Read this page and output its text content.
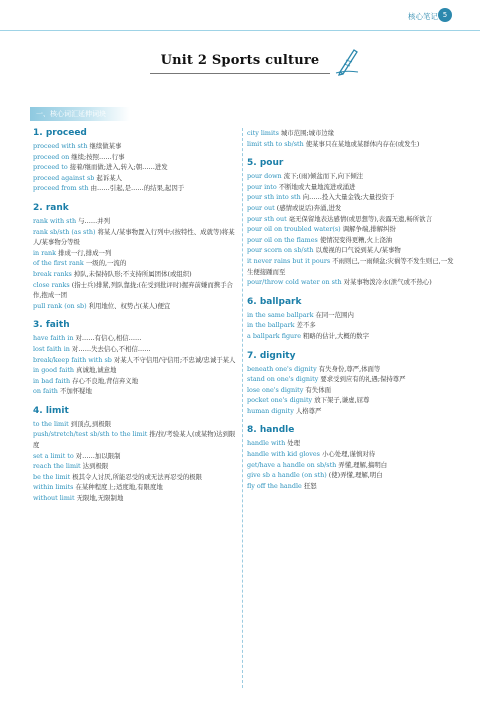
核心笔记 5
Unit 2 Sports culture
一、核心词汇延伸词块
1. proceed
proceed with sth 继续做某事
proceed on 继续;按照……行事
proceed to 接着/继而做;进入,转入;朝……进发
proceed against sb 起诉某人
proceed from sth 由……引起,是……的结果,起因于
2. rank
rank with sth 与……并列
rank sb/sth (as sth) 将某人/某事物置入行列中;(按特性、成就等)将某人/某事物分等级
in rank 排成一行,排成一列
of the first rank 一级的,一流的
break ranks 掉队,未保持队形;不支持所属团体(或组织)
close ranks (指士兵)排紧,列队靠拢;(在受到批评时)握弃前嫌而携手合作,抱成一团
pull rank (on sb) 利用地位、权势占(某人)便宜
3. faith
have faith in 对……有信心,相信……
lost faith in 对……失去信心,不相信……
break/keep faith with sb 对某人不守信用/守信用;不忠诚/忠诚于某人
in good faith 真诚地,诚意地
in bad faith 存心不良地,背信弃义地
on faith 不加怀疑地
4. limit
to the limit 到顶点,到极限
push/stretch/test sb/sth to the limit 推/拉/考验某人(或某物)达到限度
set a limit to 对……加以限制
reach the limit 达到极限
be the limit 极其令人讨厌,所能忍受的或无法再忍受的极限
within limits 在某种程度上;适度地,有限度地
without limit 无限地,无限制地
city limits 城市范围;城市边缘
limit sth to sb/sth 使某事只在某地或某群体内存在(或发生)
5. pour
pour down 流下;(雨)倾盆而下,向下倾注
pour into 不断地或大量地流进或涌进
pour sth into sth 向……投入大量金钱;大量投资于
pour out (感情或说话)奔涌,进发
pour sth out 毫无保留地表达感情(或思想等),表露无遗,畅所欲言
pour oil on troubled water(s) 调解争端,排解纠纷
pour oil on the flames 使情况变得更糟,火上浇油
pour scorn on sb/sth 以蔑视的口气说到某人/某事物
it never rains but it pours 不雨则已,一雨倾盆;灾祸等不发生则已,一发生便接踵而至
pour/throw cold water on sth 对某事物泼冷水(泄气或不热心)
6. ballpark
in the same ballpark 在同一范围内
in the ballpark 差不多
a ballpark figure 粗略的估计,大概的数字
7. dignity
beneath one's dignity 有失身份,尊严,体面等
stand on one's dignity 要求受到应有的礼遇;保持尊严
lose one's dignity 有失体面
pocket one's dignity 放下架子,谦虚,屈尊
human dignity 人格尊严
8. handle
handle with 处理
handle with kid gloves 小心处理,谨慎对待
get/have a handle on sb/sth 弄懂,理解,搞明白
give sb a handle (on sth) (使)弄懂,理解,明白
fly off the handle 狂怒
